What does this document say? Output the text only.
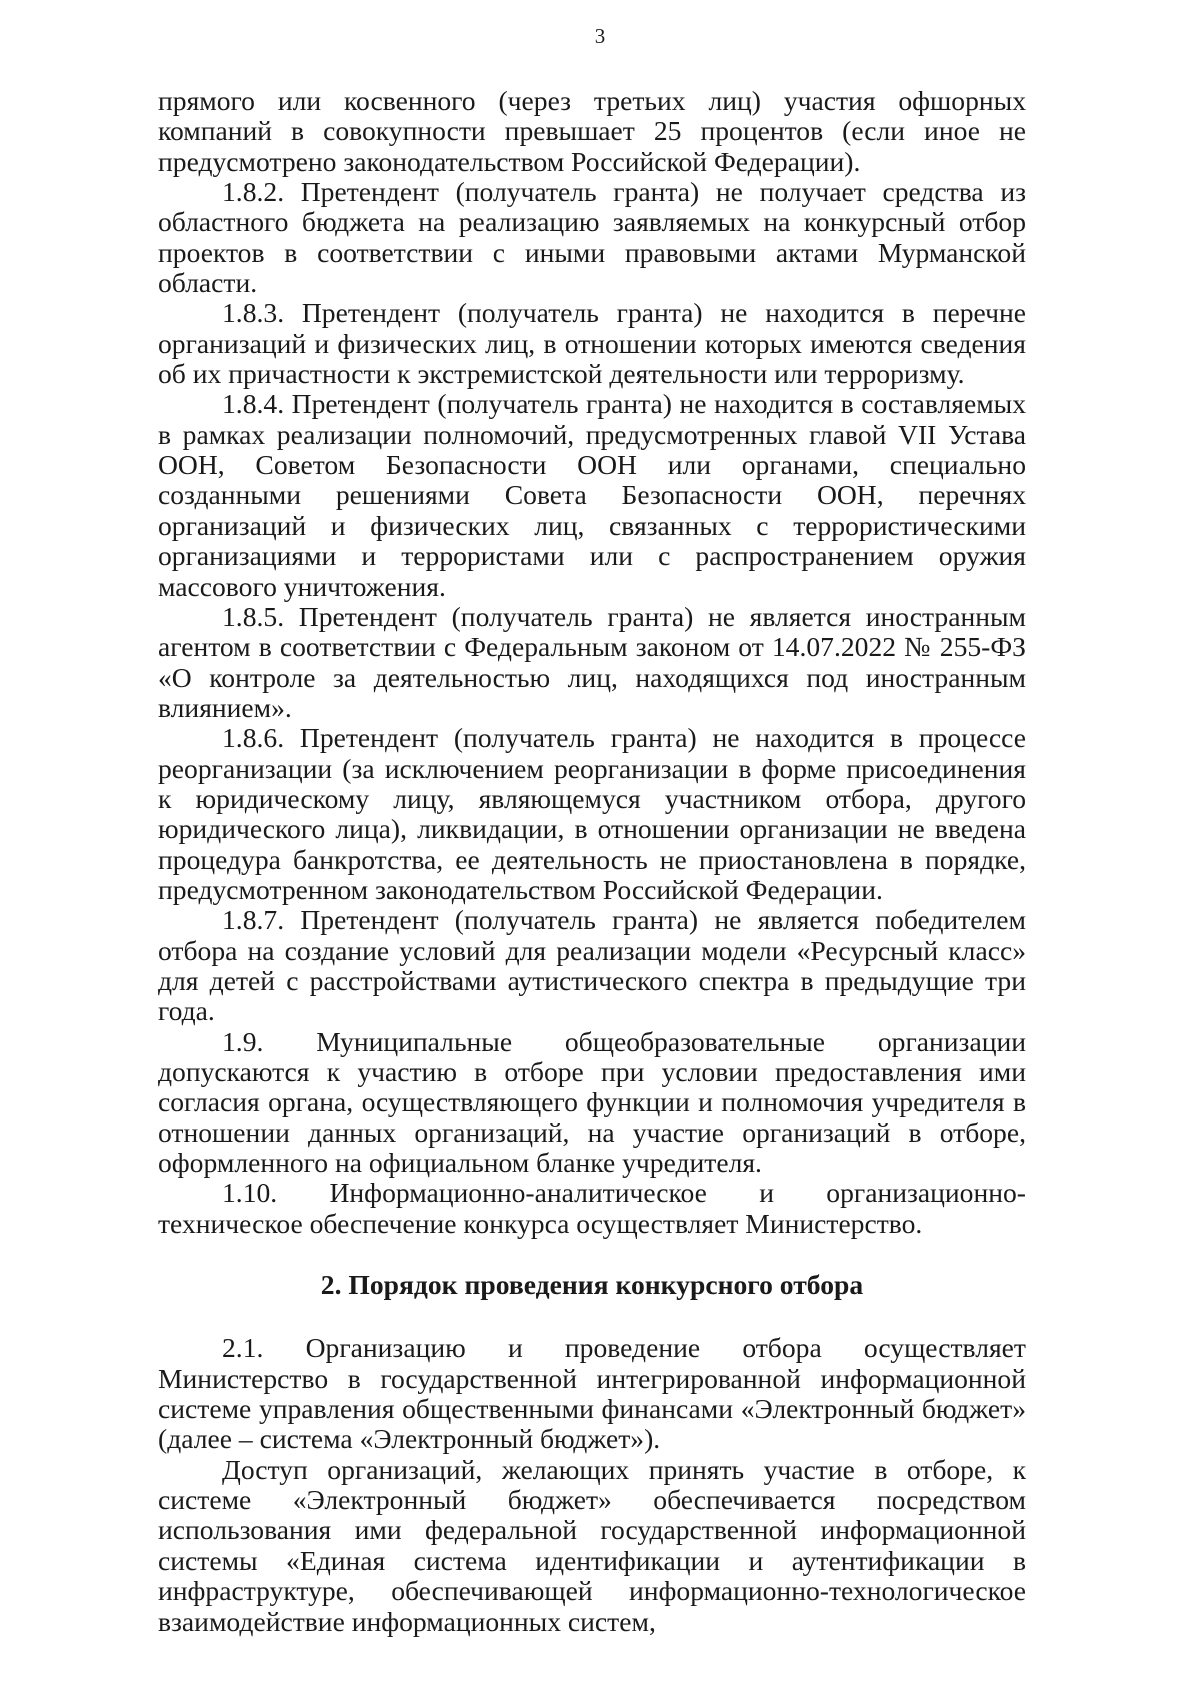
3

прямого или косвенного (через третьих лиц) участия офшорных компаний в совокупности превышает 25 процентов (если иное не предусмотрено законодательством Российской Федерации).

1.8.2. Претендент (получатель гранта) не получает средства из областного бюджета на реализацию заявляемых на конкурсный отбор проектов в соответствии с иными правовыми актами Мурманской области.

1.8.3. Претендент (получатель гранта) не находится в перечне организаций и физических лиц, в отношении которых имеются сведения об их причастности к экстремистской деятельности или терроризму.

1.8.4. Претендент (получатель гранта) не находится в составляемых в рамках реализации полномочий, предусмотренных главой VII Устава ООН, Советом Безопасности ООН или органами, специально созданными решениями Совета Безопасности ООН, перечнях организаций и физических лиц, связанных с террористическими организациями и террористами или с распространением оружия массового уничтожения.

1.8.5. Претендент (получатель гранта) не является иностранным агентом в соответствии с Федеральным законом от 14.07.2022 № 255-ФЗ «О контроле за деятельностью лиц, находящихся под иностранным влиянием».

1.8.6. Претендент (получатель гранта) не находится в процессе реорганизации (за исключением реорганизации в форме присоединения к юридическому лицу, являющемуся участником отбора, другого юридического лица), ликвидации, в отношении организации не введена процедура банкротства, ее деятельность не приостановлена в порядке, предусмотренном законодательством Российской Федерации.

1.8.7. Претендент (получатель гранта) не является победителем отбора на создание условий для реализации модели «Ресурсный класс» для детей с расстройствами аутистического спектра в предыдущие три года.

1.9. Муниципальные общеобразовательные организации допускаются к участию в отборе при условии предоставления ими согласия органа, осуществляющего функции и полномочия учредителя в отношении данных организаций, на участие организаций в отборе, оформленного на официальном бланке учредителя.

1.10. Информационно-аналитическое и организационно-техническое обеспечение конкурса осуществляет Министерство.

2. Порядок проведения конкурсного отбора

2.1. Организацию и проведение отбора осуществляет Министерство в государственной интегрированной информационной системе управления общественными финансами «Электронный бюджет» (далее – система «Электронный бюджет»).

Доступ организаций, желающих принять участие в отборе, к системе «Электронный бюджет» обеспечивается посредством использования ими федеральной государственной информационной системы «Единая система идентификации и аутентификации в инфраструктуре, обеспечивающей информационно-технологическое взаимодействие информационных систем,
